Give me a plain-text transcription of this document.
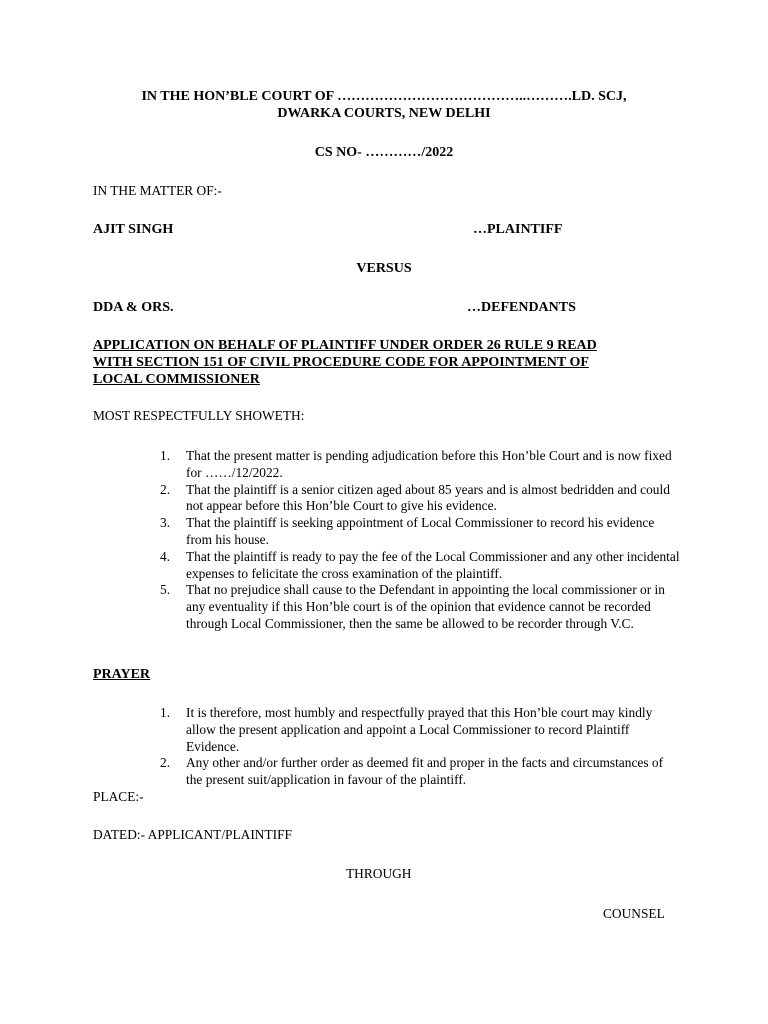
IN THE HON’BLE COURT OF …………………………………..……….LD. SCJ,
DWARKA COURTS, NEW DELHI
CS NO- …………/2022
IN THE MATTER OF:-
AJIT SINGH	…PLAINTIFF
VERSUS
DDA & ORS.	…DEFENDANTS
APPLICATION ON BEHALF OF PLAINTIFF UNDER ORDER 26 RULE 9 READ
WITH SECTION 151 OF CIVIL PROCEDURE CODE FOR APPOINTMENT OF
LOCAL COMMISSIONER
MOST RESPECTFULLY SHOWETH:
1. That the present matter is pending adjudication before this Hon’ble Court and is now fixed for ……/12/2022.
2. That the plaintiff is a senior citizen aged about 85 years and is almost bedridden and could not appear before this Hon’ble Court to give his evidence.
3. That the plaintiff is seeking appointment of Local Commissioner to record his evidence from his house.
4. That the plaintiff is ready to pay the fee of the Local Commissioner and any other incidental expenses to felicitate the cross examination of the plaintiff.
5. That no prejudice shall cause to the Defendant in appointing the local commissioner or in any eventuality if this Hon’ble court is of the opinion that evidence cannot be recorded through Local Commissioner, then the same be allowed to be recorder through V.C.
PRAYER
1. It is therefore, most humbly and respectfully prayed that this Hon’ble court may kindly allow the present application and appoint a Local Commissioner to record Plaintiff Evidence.
2. Any other and/or further order as deemed fit and proper in the facts and circumstances of the present suit/application in favour of the plaintiff.
PLACE:-
DATED:- APPLICANT/PLAINTIFF
THROUGH
COUNSEL
